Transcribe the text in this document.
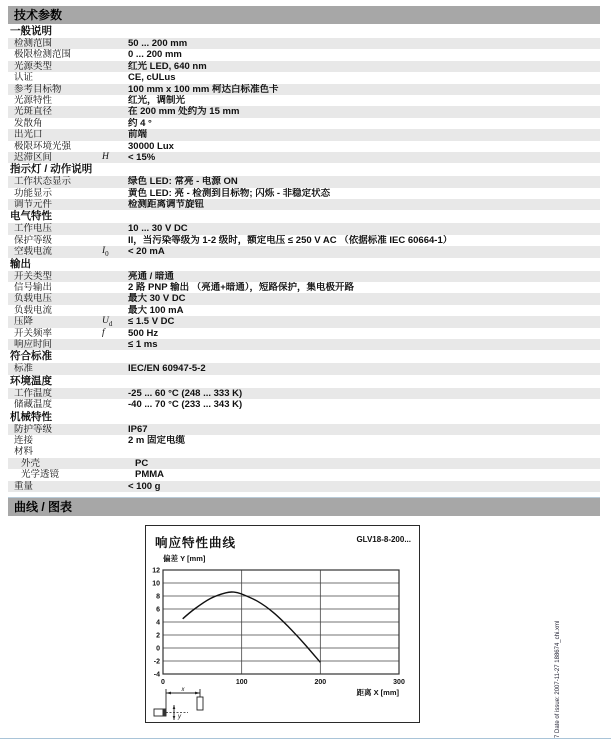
技术参数
一般说明
检测范围	50 ... 200 mm
极限检测范围	0 ... 200 mm
光源类型	红光 LED, 640 nm
认证	CE, cULus
参考目标物	100 mm x 100 mm 柯达白标准色卡
光源特性	红光，调制光
光斑直径	在 200 mm 处约为 15 mm
发散角	约 4 °
出光口	前端
极限环境光强	30000 Lux
迟滞区间	H	< 15%
指示灯 / 动作说明
工作状态显示	绿色 LED: 常亮 - 电源 ON
功能显示	黄色 LED: 亮 - 检测到目标物; 闪烁 - 非稳定状态
调节元件	检测距离调节旋钮
电气特性
工作电压	10 ... 30 V DC
保护等级	II，当污染等级为 1-2 级时，额定电压 ≤ 250 V AC （依据标准 IEC 60664-1）
空载电流	$I_0$	< 20 mA
输出
开关类型	亮通 / 暗通
信号输出	2 路 PNP 输出 （亮通+暗通），短路保护，集电极开路
负载电压	最大 30 V DC
负载电流	最大 100 mA
压降	$U_d$	≤ 1.5 V DC
开关频率	f	500 Hz
响应时间	≤ 1 ms
符合标准
标准	IEC/EN 60947-5-2
环境温度
工作温度	-25 ... 60 °C (248 ... 333 K)
储藏温度	-40 ... 70 °C (233 ... 343 K)
机械特性
防护等级	IP67
连接	2 m 固定电缆
材料
外壳	PC
光学透镜	PMMA
重量	< 100 g
曲线 / 图表
响应特性曲线	GLV18-8-200...
偏差 Y [mm]
12
10
8
6
4
2
0
-2
-4
0	100	200	300
距离 X [mm]
x
y	7 Date of issue: 2007-11-27 188674_chi.xml
